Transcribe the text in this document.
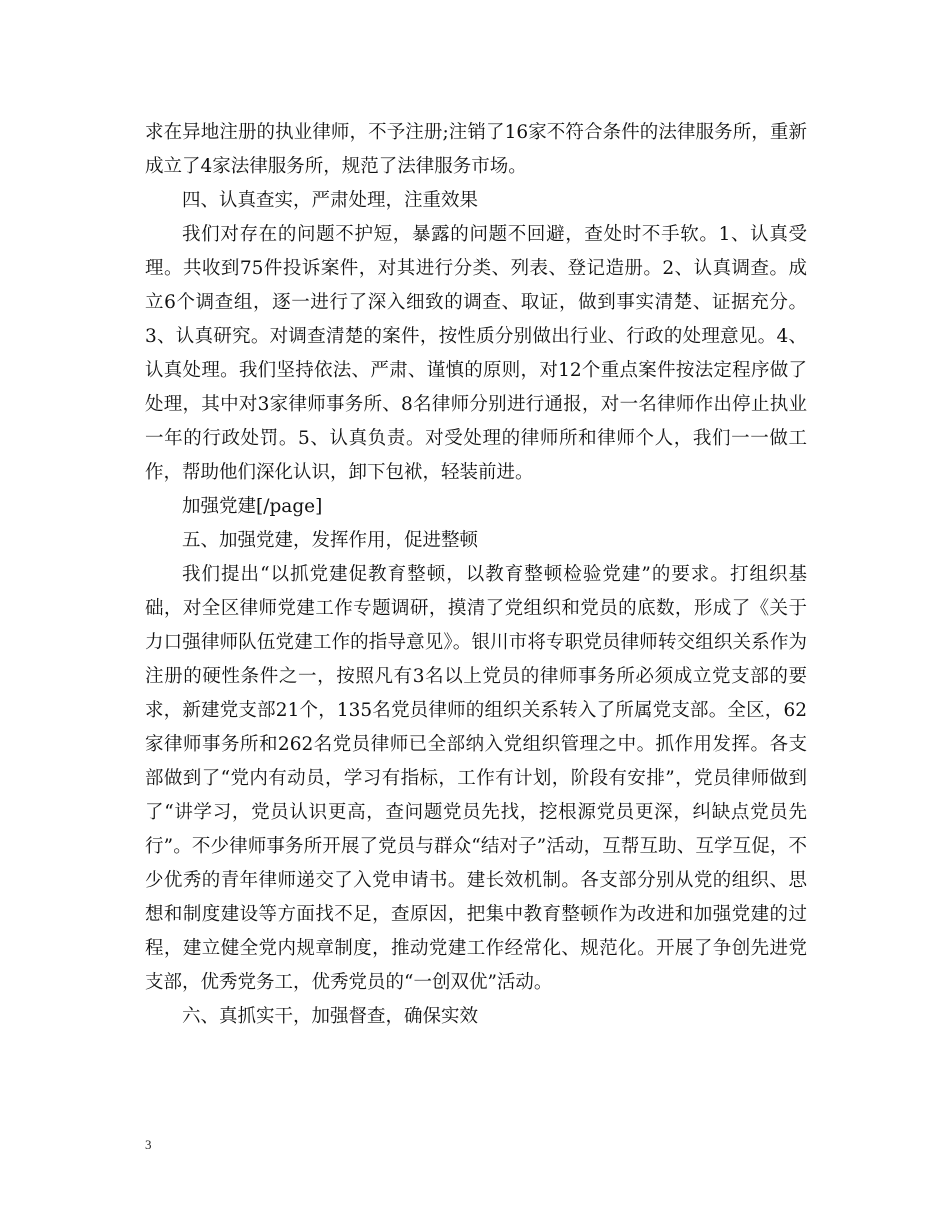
求在异地注册的执业律师，不予注册;注销了16家不符合条件的法律服务所，重新成立了4家法律服务所，规范了法律服务市场。

四、认真查实，严肃处理，注重效果

我们对存在的问题不护短，暴露的问题不回避，查处时不手软。1、认真受理。共收到75件投诉案件，对其进行分类、列表、登记造册。2、认真调查。成立6个调查组，逐一进行了深入细致的调查、取证，做到事实清楚、证据充分。3、认真研究。对调查清楚的案件，按性质分别做出行业、行政的处理意见。4、认真处理。我们坚持依法、严肃、谨慎的原则，对12个重点案件按法定程序做了处理，其中对3家律师事务所、8名律师分别进行通报，对一名律师作出停止执业一年的行政处罚。5、认真负责。对受处理的律师所和律师个人，我们一一做工作，帮助他们深化认识，卸下包袱，轻装前进。

加强党建[/page]

五、加强党建，发挥作用，促进整顿

我们提出“以抓党建促教育整顿，以教育整顿检验党建”的要求。打组织基础，对全区律师党建工作专题调研，摸清了党组织和党员的底数，形成了《关于力口强律师队伍党建工作的指导意见》。银川市将专职党员律师转交组织关系作为注册的硬性条件之一，按照凡有3名以上党员的律师事务所必须成立党支部的要求，新建党支部21个，135名党员律师的组织关系转入了所属党支部。全区，62家律师事务所和262名党员律师已全部纳入党组织管理之中。抓作用发挥。各支部做到了“党内有动员，学习有指标，工作有计划，阶段有安排”，党员律师做到了“讲学习，党员认识更高，查问题党员先找，挖根源党员更深，纠缺点党员先行”。不少律师事务所开展了党员与群众“结对子”活动，互帮互助、互学互促，不少优秀的青年律师递交了入党申请书。建长效机制。各支部分别从党的组织、思想和制度建设等方面找不足，查原因，把集中教育整顿作为改进和加强党建的过程，建立健全党内规章制度，推动党建工作经常化、规范化。开展了争创先进党支部，优秀党务工，优秀党员的“一创双优”活动。

六、真抓实干，加强督查，确保实效

3
